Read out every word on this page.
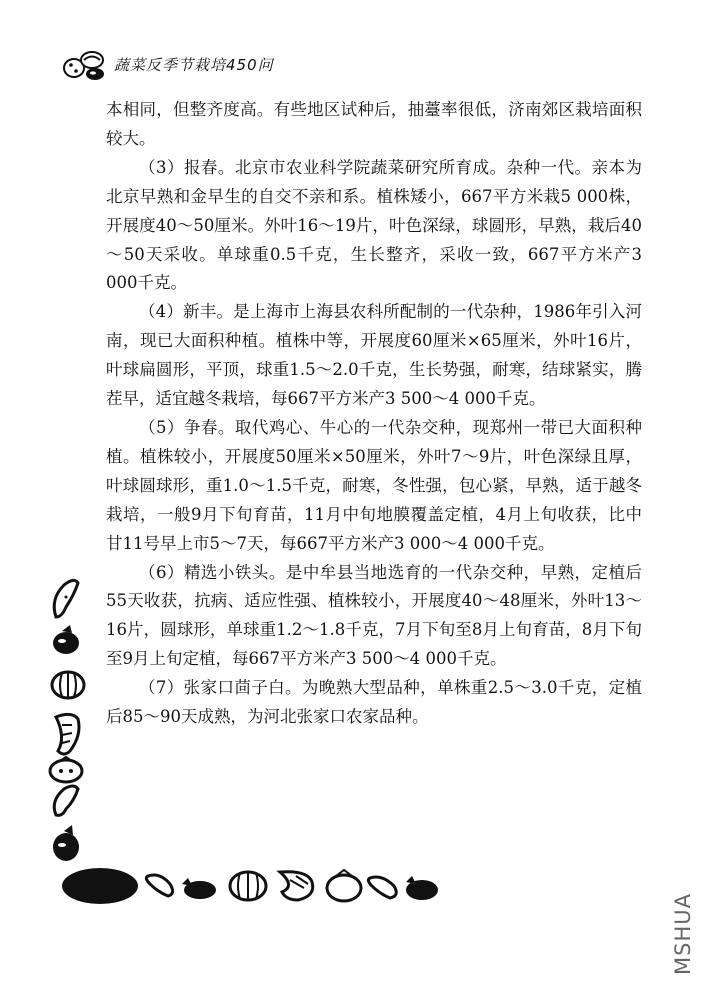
蔬菜反季节栽培450问

本相同，但整齐度高。有些地区试种后，抽薹率很低，济南郊区栽培面积较大。

（3）报春。北京市农业科学院蔬菜研究所育成。杂种一代。亲本为北京早熟和金早生的自交不亲和系。植株矮小，667平方米栽5 000株，开展度40～50厘米。外叶16～19片，叶色深绿，球圆形，早熟，栽后40～50天采收。单球重0.5千克，生长整齐，采收一致，667平方米产3 000千克。

（4）新丰。是上海市上海县农科所配制的一代杂种，1986年引入河南，现已大面积种植。植株中等，开展度60厘米×65厘米，外叶16片，叶球扁圆形，平顶，球重1.5～2.0千克，生长势强，耐寒，结球紧实，腾茬早，适宜越冬栽培，每667平方米产3 500～4 000千克。

（5）争春。取代鸡心、牛心的一代杂交种，现郑州一带已大面积种植。植株较小，开展度50厘米×50厘米，外叶7～9片，叶色深绿且厚，叶球圆球形，重1.0～1.5千克，耐寒，冬性强，包心紧，早熟，适于越冬栽培，一般9月下旬育苗，11月中旬地膜覆盖定植，4月上旬收获，比中甘11号早上市5～7天，每667平方米产3 000～4 000千克。

（6）精选小铁头。是中牟县当地选育的一代杂交种，早熟，定植后55天收获，抗病、适应性强、植株较小，开展度40～48厘米，外叶13～16片，圆球形，单球重1.2～1.8千克，7月下旬至8月上旬育苗，8月下旬至9月上旬定植，每667平方米产3 500～4 000千克。

（7）张家口茴子白。为晚熟大型品种，单株重2.5～3.0千克，定植后85～90天成熟，为河北张家口农家品种。

MSHUA
